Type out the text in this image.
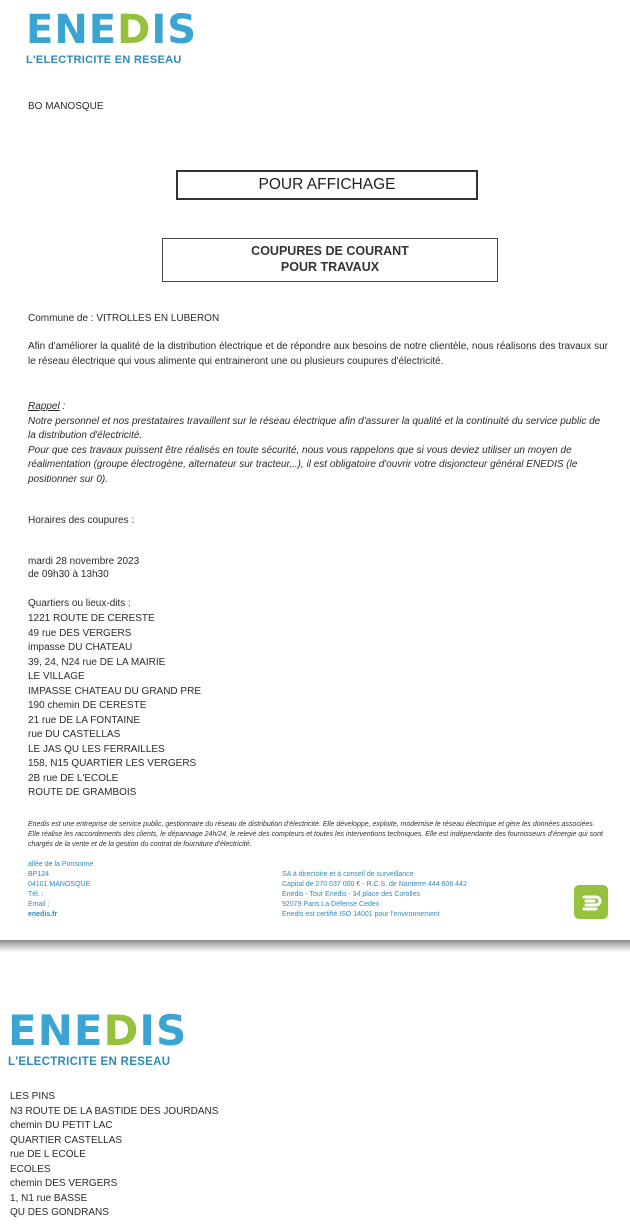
ENEDIS
L'ELECTRICITE EN RESEAU
BO MANOSQUE
POUR AFFICHAGE
COUPURES DE COURANT
POUR TRAVAUX
Commune de : VITROLLES EN LUBERON
Afin d'améliorer la qualité de la distribution électrique et de répondre aux besoins de notre clientèle, nous réalisons des travaux sur le réseau électrique qui vous alimente qui entraineront une ou plusieurs coupures d'électricité.
Rappel :
Notre personnel et nos prestataires travaillent sur le réseau électrique afin d'assurer la qualité et la continuité du service public de la distribution d'électricité.
Pour que ces travaux puissent être réalisés en toute sécurité, nous vous rappelons que si vous deviez utiliser un moyen de réalimentation (groupe électrogène, alternateur sur tracteur,..), il est obligatoire d'ouvrir votre disjoncteur général ENEDIS (le positionner sur 0).
Horaires des coupures :
mardi 28 novembre 2023
de 09h30 à 13h30
Quartiers ou lieux-dits :
1221 ROUTE DE CERESTE
49 rue DES VERGERS
impasse DU CHATEAU
39, 24, N24 rue DE LA MAIRIE
LE VILLAGE
IMPASSE CHATEAU DU GRAND PRE
190 chemin DE CERESTE
21 rue DE LA FONTAINE
rue DU CASTELLAS
LE JAS QU LES FERRAILLES
158, N15 QUARTIER LES VERGERS
2B rue DE L'ECOLE
ROUTE DE GRAMBOIS
Enedis est une entreprise de service public, gestionnaire du réseau de distribution d'électricité. Elle développe, exploite, modernise le réseau électrique et gère les données associées. Elle réalise les raccordements des clients, le dépannage 24h/24, le relevé des compteurs et toutes les interventions techniques. Elle est indépendante des fournisseurs d'énergie qui sont chargés de la vente et de la gestion du contrat de fourniture d'électricité.
allée de la Ponsonne
BP124
04101 MANOSQUE
Tél. :
Email :
enedis.fr
SA à directoire et à conseil de surveillance
Capital de 270 037 000 € - R.C.S. de Nanterre 444 608 442
Enedis - Tour Enedis - 34 place des Corolles
92079 Paris La Défense Cedex
Enedis est certifié ISO 14001 pour l'environnement
ENEDIS
L'ELECTRICITE EN RESEAU
LES PINS
N3 ROUTE DE LA BASTIDE DES JOURDANS
chemin DU PETIT LAC
QUARTIER CASTELLAS
rue DE L ECOLE
ECOLES
chemin DES VERGERS
1, N1 rue BASSE
QU DES GONDRANS
